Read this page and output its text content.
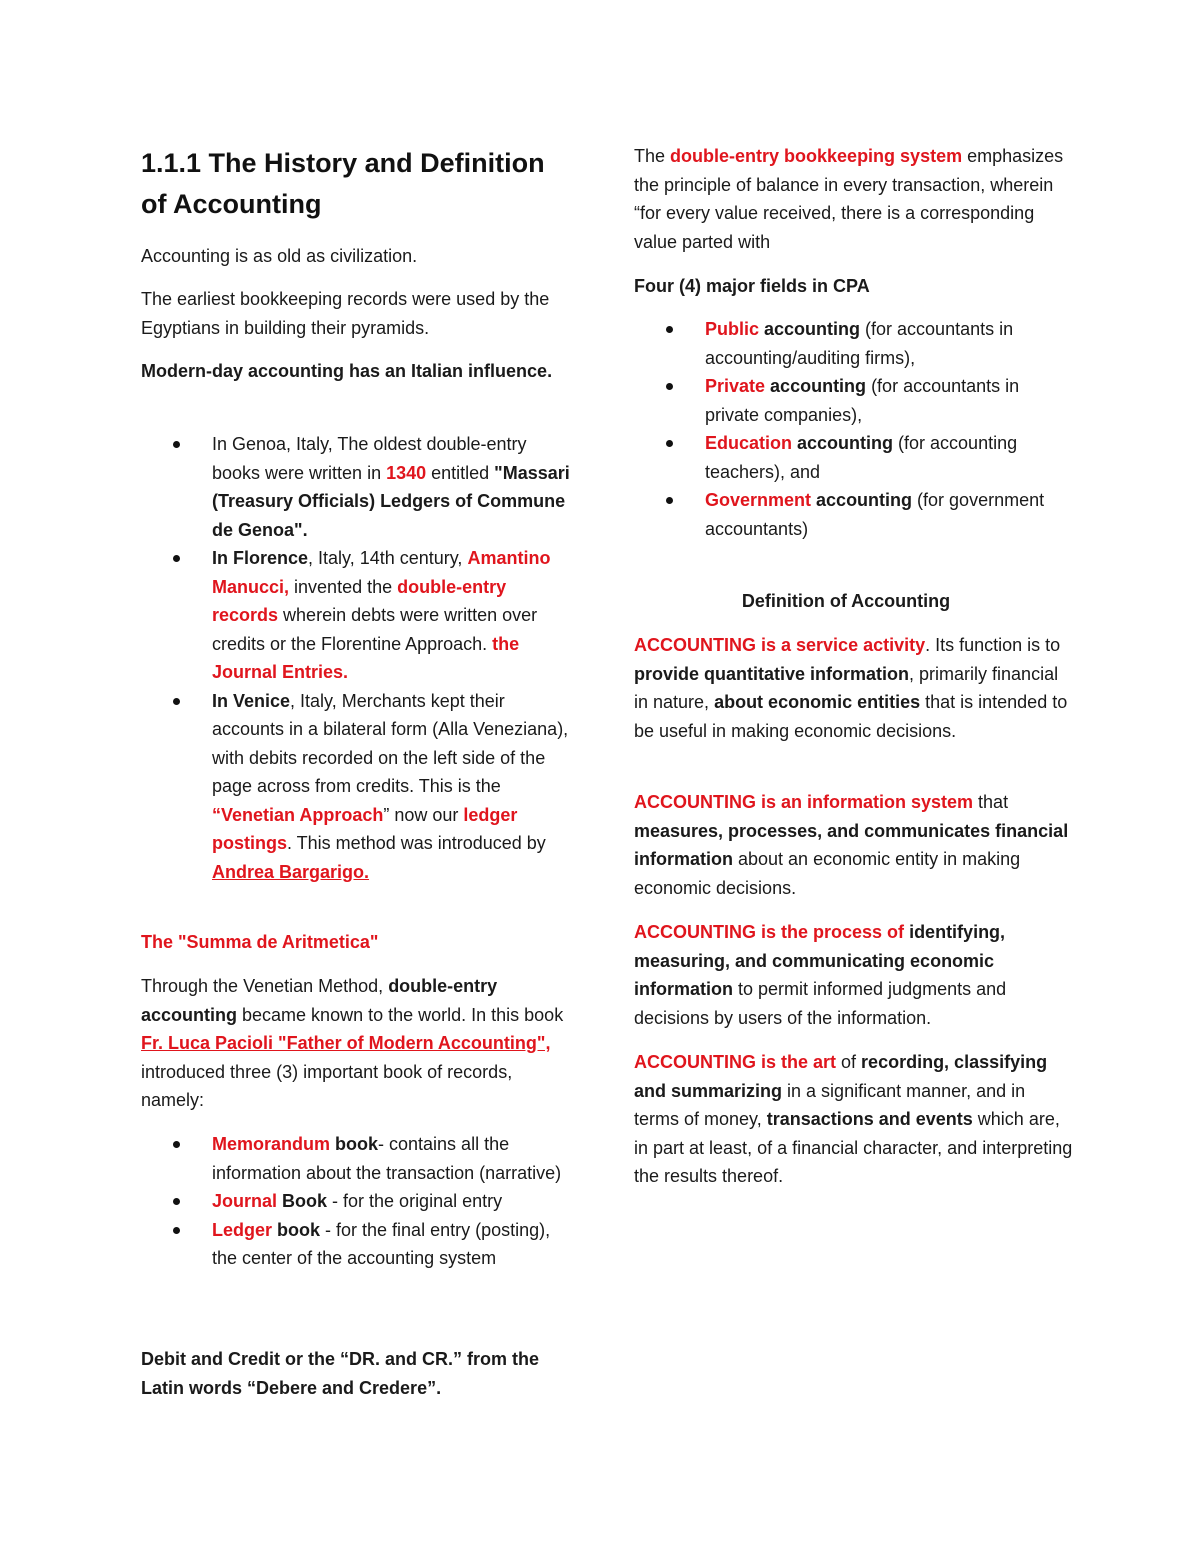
1.1.1 The History and Definition of Accounting

Accounting is as old as civilization.

The earliest bookkeeping records were used by the Egyptians in building their pyramids.

Modern-day accounting has an Italian influence.

In Genoa, Italy, The oldest double-entry books were written in 1340 entitled "Massari (Treasury Officials) Ledgers of Commune de Genoa".
In Florence, Italy, 14th century, Amantino Manucci, invented the double-entry records wherein debts were written over credits or the Florentine Approach. the Journal Entries.
In Venice, Italy, Merchants kept their accounts in a bilateral form (Alla Veneziana), with debits recorded on the left side of the page across from credits. This is the “Venetian Approach” now our ledger postings. This method was introduced by Andrea Bargarigo.

The "Summa de Aritmetica"

Through the Venetian Method, double-entry accounting became known to the world. In this book Fr. Luca Pacioli "Father of Modern Accounting", introduced three (3) important book of records, namely:

Memorandum book- contains all the information about the transaction (narrative)
Journal Book - for the original entry
Ledger book - for the final entry (posting), the center of the accounting system

Debit and Credit or the “DR. and CR.” from the Latin words “Debere and Credere”.

The double-entry bookkeeping system emphasizes the principle of balance in every transaction, wherein “for every value received, there is a corresponding value parted with

Four (4) major fields in CPA

Public accounting (for accountants in accounting/auditing firms),
Private accounting (for accountants in private companies),
Education accounting (for accounting teachers), and
Government accounting (for government accountants)

Definition of Accounting

ACCOUNTING is a service activity. Its function is to provide quantitative information, primarily financial in nature, about economic entities that is intended to be useful in making economic decisions.

ACCOUNTING is an information system that measures, processes, and communicates financial information about an economic entity in making economic decisions.

ACCOUNTING is the process of identifying, measuring, and communicating economic information to permit informed judgments and decisions by users of the information.

ACCOUNTING is the art of recording, classifying and summarizing in a significant manner, and in terms of money, transactions and events which are, in part at least, of a financial character, and interpreting the results thereof.
